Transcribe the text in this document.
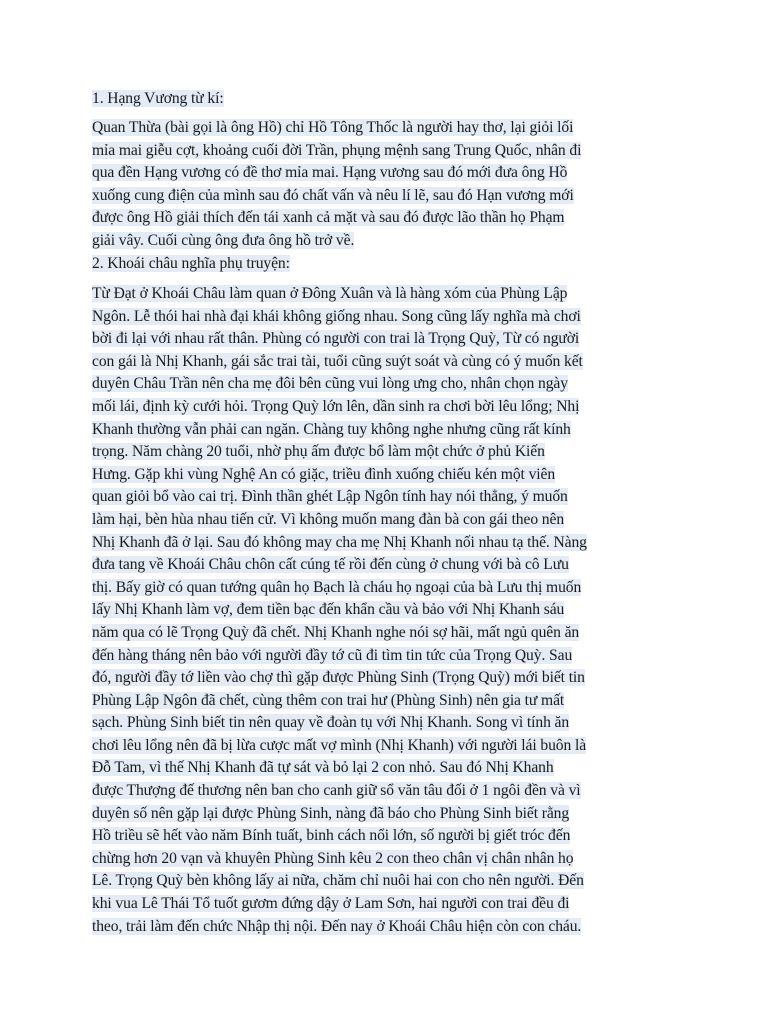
1. Hạng Vương từ kí:
Quan Thừa (bài gọi là ông Hồ) chỉ Hồ Tông Thốc là người hay thơ, lại giỏi lối
mỉa mai giễu cợt, khoảng cuối đời Trần, phụng mệnh sang Trung Quốc, nhân đi
qua đền Hạng vương có đề thơ mỉa mai. Hạng vương sau đó mới đưa ông Hồ
xuống cung điện của mình sau đó chất vấn và nêu lí lẽ, sau đó Hạn vương mới
được ông Hồ giải thích đến tái xanh cả mặt và sau đó được lão thần họ Phạm
giải vây. Cuối cùng ông đưa ông hồ trở về.
2. Khoái châu nghĩa phụ truyện:
Từ Đạt ở Khoái Châu làm quan ở Đông Xuân và là hàng xóm của Phùng Lập
Ngôn. Lễ thói hai nhà đại khái không giống nhau. Song cũng lấy nghĩa mà chơi
bời đi lại với nhau rất thân. Phùng có người con trai là Trọng Quỳ, Từ có người
con gái là Nhị Khanh, gái sắc trai tài, tuổi cũng suýt soát và cùng có ý muốn kết
duyên Châu Trần nên cha mẹ đôi bên cũng vui lòng ưng cho, nhân chọn ngày
mối lái, định kỳ cưới hỏi. Trọng Quỳ lớn lên, dần sinh ra chơi bời lêu lổng; Nhị
Khanh thường vẫn phải can ngăn. Chàng tuy không nghe nhưng cũng rất kính
trọng. Năm chàng 20 tuổi, nhờ phụ ấm được bổ làm một chức ở phủ Kiến
Hưng. Gặp khi vùng Nghệ An có giặc, triều đình xuống chiếu kén một viên
quan giỏi bổ vào cai trị. Đình thần ghét Lập Ngôn tính hay nói thẳng, ý muốn
làm hại, bèn hùa nhau tiến cử. Vì không muốn mang đàn bà con gái theo nên
Nhị Khanh đã ở lại. Sau đó không may cha mẹ Nhị Khanh nối nhau tạ thế. Nàng
đưa tang về Khoái Châu chôn cất cúng tế rồi đến cùng ở chung với bà cô Lưu
thị. Bấy giờ có quan tướng quân họ Bạch là cháu họ ngoại của bà Lưu thị muốn
lấy Nhị Khanh làm vợ, đem tiền bạc đến khẩn cầu và bảo với Nhị Khanh sáu
năm qua có lẽ Trọng Quỳ đã chết. Nhị Khanh nghe nói sợ hãi, mất ngủ quên ăn
đến hàng tháng nên bảo với người đầy tớ cũ đi tìm tin tức của Trọng Quỳ. Sau
đó, người đầy tớ liền vào chợ thì gặp được Phùng Sinh (Trọng Quỳ) mới biết tin
Phùng Lập Ngôn đã chết, cùng thêm con trai hư (Phùng Sinh) nên gia tư mất
sạch. Phùng Sinh biết tin nên quay về đoàn tụ với Nhị Khanh. Song vì tính ăn
chơi lêu lổng nên đã bị lừa cược mất vợ mình (Nhị Khanh) với người lái buôn là
Đỗ Tam, vì thế Nhị Khanh đã tự sát và bỏ lại 2 con nhỏ. Sau đó Nhị Khanh
được Thượng đế thương nên ban cho canh giữ sổ văn tâu đối ở 1 ngôi đền và vì
duyên số nên gặp lại được Phùng Sinh, nàng đã báo cho Phùng Sinh biết rằng
Hồ triều sẽ hết vào năm Bính tuất, binh cách nổi lớn, số người bị giết tróc đến
chừng hơn 20 vạn và khuyên Phùng Sinh kêu 2 con theo chân vị chân nhân họ
Lê. Trọng Quỳ bèn không lấy ai nữa, chăm chỉ nuôi hai con cho nên người. Đến
khi vua Lê Thái Tổ tuốt gươm đứng dậy ở Lam Sơn, hai người con trai đều đi
theo, trải làm đến chức Nhập thị nội. Đến nay ở Khoái Châu hiện còn con cháu.
